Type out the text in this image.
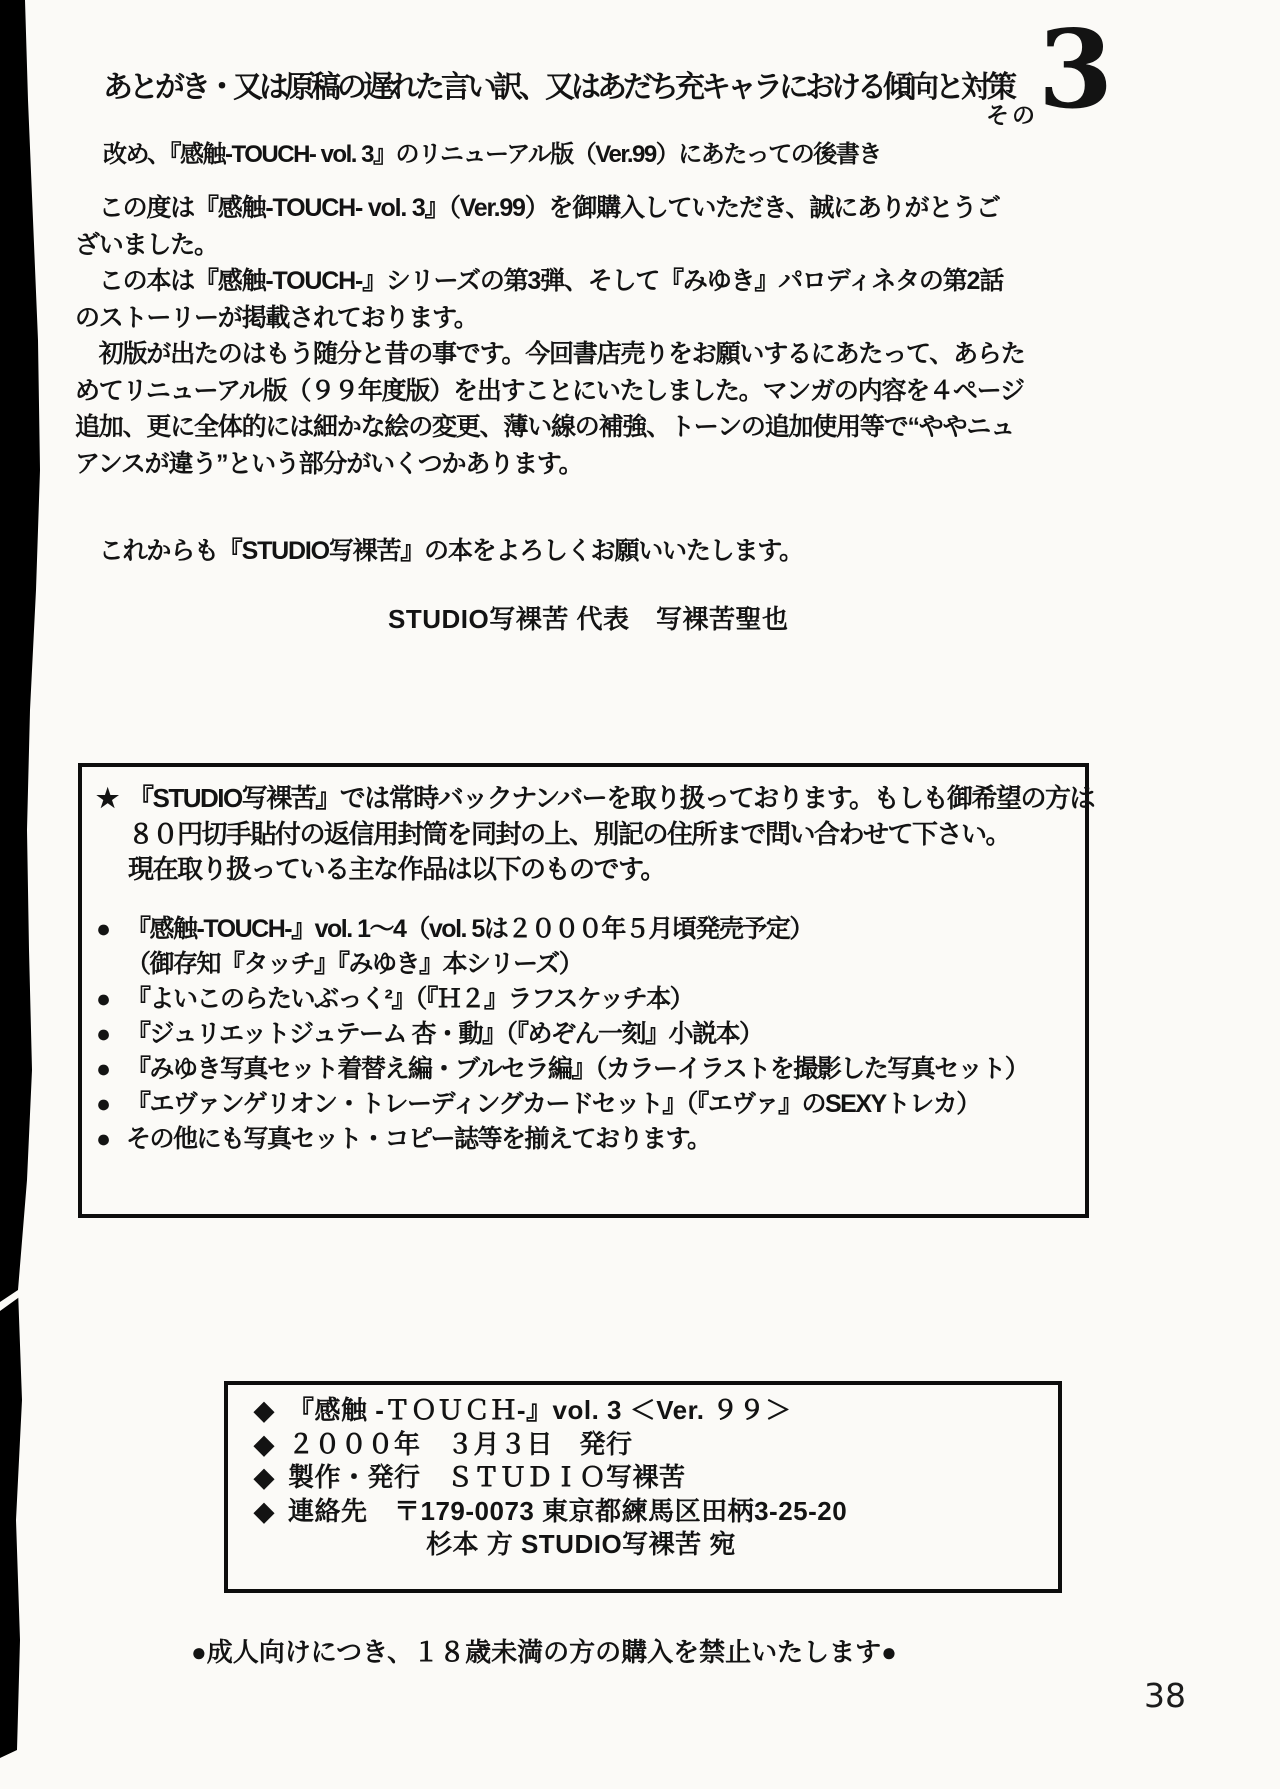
あとがき・又は原稿の遅れた言い訳、又はあだち充キャラにおける傾向と対策
その 3
改め、『感触-TOUCH- vol. 3』のリニューアル版（Ver.99）にあたっての後書き
　この度は『感触-TOUCH- vol. 3』（Ver.99）を御購入していただき、誠にありがとうご
ざいました。
　この本は『感触-TOUCH-』シリーズの第3弾、そして『みゆき』パロディネタの第2話
のストーリーが掲載されております。
　初版が出たのはもう随分と昔の事です。今回書店売りをお願いするにあたって、あらた
めてリニューアル版（９９年度版）を出すことにいたしました。マンガの内容を４ページ
追加、更に全体的には細かな絵の変更、薄い線の補強、トーンの追加使用等で“ややニュ
アンスが違う”という部分がいくつかあります。
　これからも『STUDIO写裸苦』の本をよろしくお願いいたします。
STUDIO写裸苦 代表　写裸苦聖也
★ 『STUDIO写裸苦』では常時バックナンバーを取り扱っております。もしも御希望の方は
８０円切手貼付の返信用封筒を同封の上、別記の住所まで問い合わせて下さい。
現在取り扱っている主な作品は以下のものです。
● 『感触-TOUCH-』vol. 1～4（vol. 5は２０００年５月頃発売予定）
（御存知『タッチ』『みゆき』本シリーズ）
● 『よいこのらたいぶっく²』（『Ｈ２』ラフスケッチ本）
● 『ジュリエットジュテーム 杏・動』（『めぞん一刻』小説本）
● 『みゆき写真セット着替え編・ブルセラ編』（カラーイラストを撮影した写真セット）
● 『エヴァンゲリオン・トレーディングカードセット』（『エヴァ』のSEXYトレカ）
● その他にも写真セット・コピー誌等を揃えております。
◆ 『感触 -ＴＯＵＣＨ-』vol. 3 ＜Ver. ９９＞
◆ ２０００年　３月３日　発行
◆ 製作・発行　ＳＴＵＤＩＯ写裸苦
◆ 連絡先　〒179-0073 東京都練馬区田柄3-25-20
杉本 方 STUDIO写裸苦 宛
●成人向けにつき、１８歳未満の方の購入を禁止いたします●
38
